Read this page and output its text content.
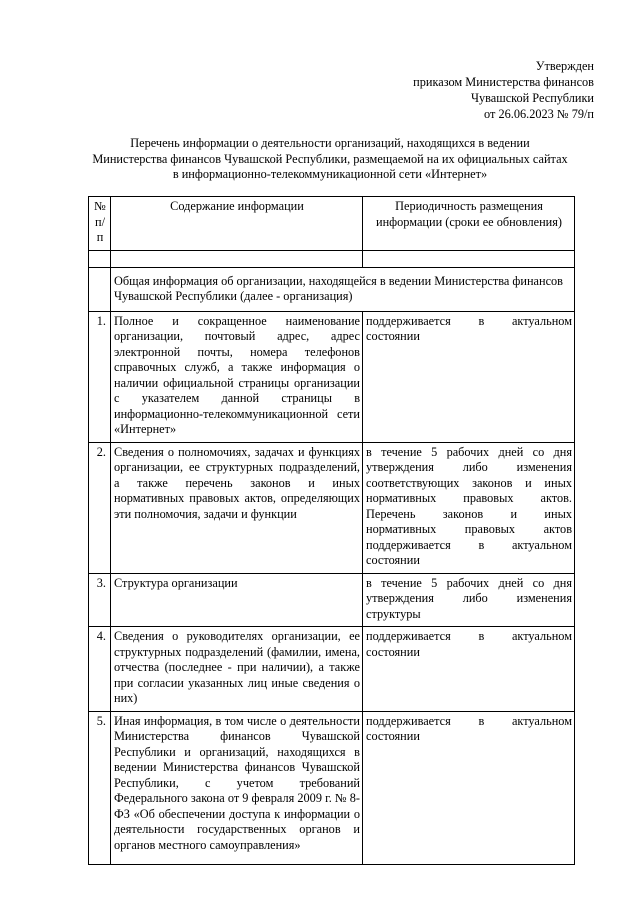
Утвержден
приказом Министерства финансов
Чувашской Республики
от 26.06.2023 № 79/п
Перечень информации о деятельности организаций, находящихся в ведении
Министерства финансов Чувашской Республики, размещаемой на их официальных сайтах
в информационно-телекоммуникационной сети «Интернет»
№ п/п	Содержание информации	Периодичность размещения информации (сроки ее обновления)

	Общая информация об организации, находящейся в ведении Министерства финансов Чувашской Республики (далее - организация)	
1.	Полное и сокращенное наименование организации, почтовый адрес, адрес электронной почты, номера телефонов справочных служб, а также информация о наличии официальной страницы организации с указателем данной страницы в информационно-телекоммуникационной сети «Интернет»	поддерживается в актуальном состоянии
2.	Сведения о полномочиях, задачах и функциях организации, ее структурных подразделений, а также перечень законов и иных нормативных правовых актов, определяющих эти полномочия, задачи и функции	в течение 5 рабочих дней со дня утверждения либо изменения соответствующих законов и иных нормативных правовых актов. Перечень законов и иных нормативных правовых актов поддерживается в актуальном состоянии
3.	Структура организации	в течение 5 рабочих дней со дня утверждения либо изменения структуры
4.	Сведения о руководителях организации, ее структурных подразделений (фамилии, имена, отчества (последнее - при наличии), а также при согласии указанных лиц иные сведения о них)	поддерживается в актуальном состоянии
5.	Иная информация, в том числе о деятельности Министерства финансов Чувашской Республики и организаций, находящихся в ведении Министерства финансов Чувашской Республики, с учетом требований Федерального закона от 9 февраля 2009 г. № 8-ФЗ «Об обеспечении доступа к информации о деятельности государственных органов и органов местного самоуправления»	поддерживается в актуальном состоянии
